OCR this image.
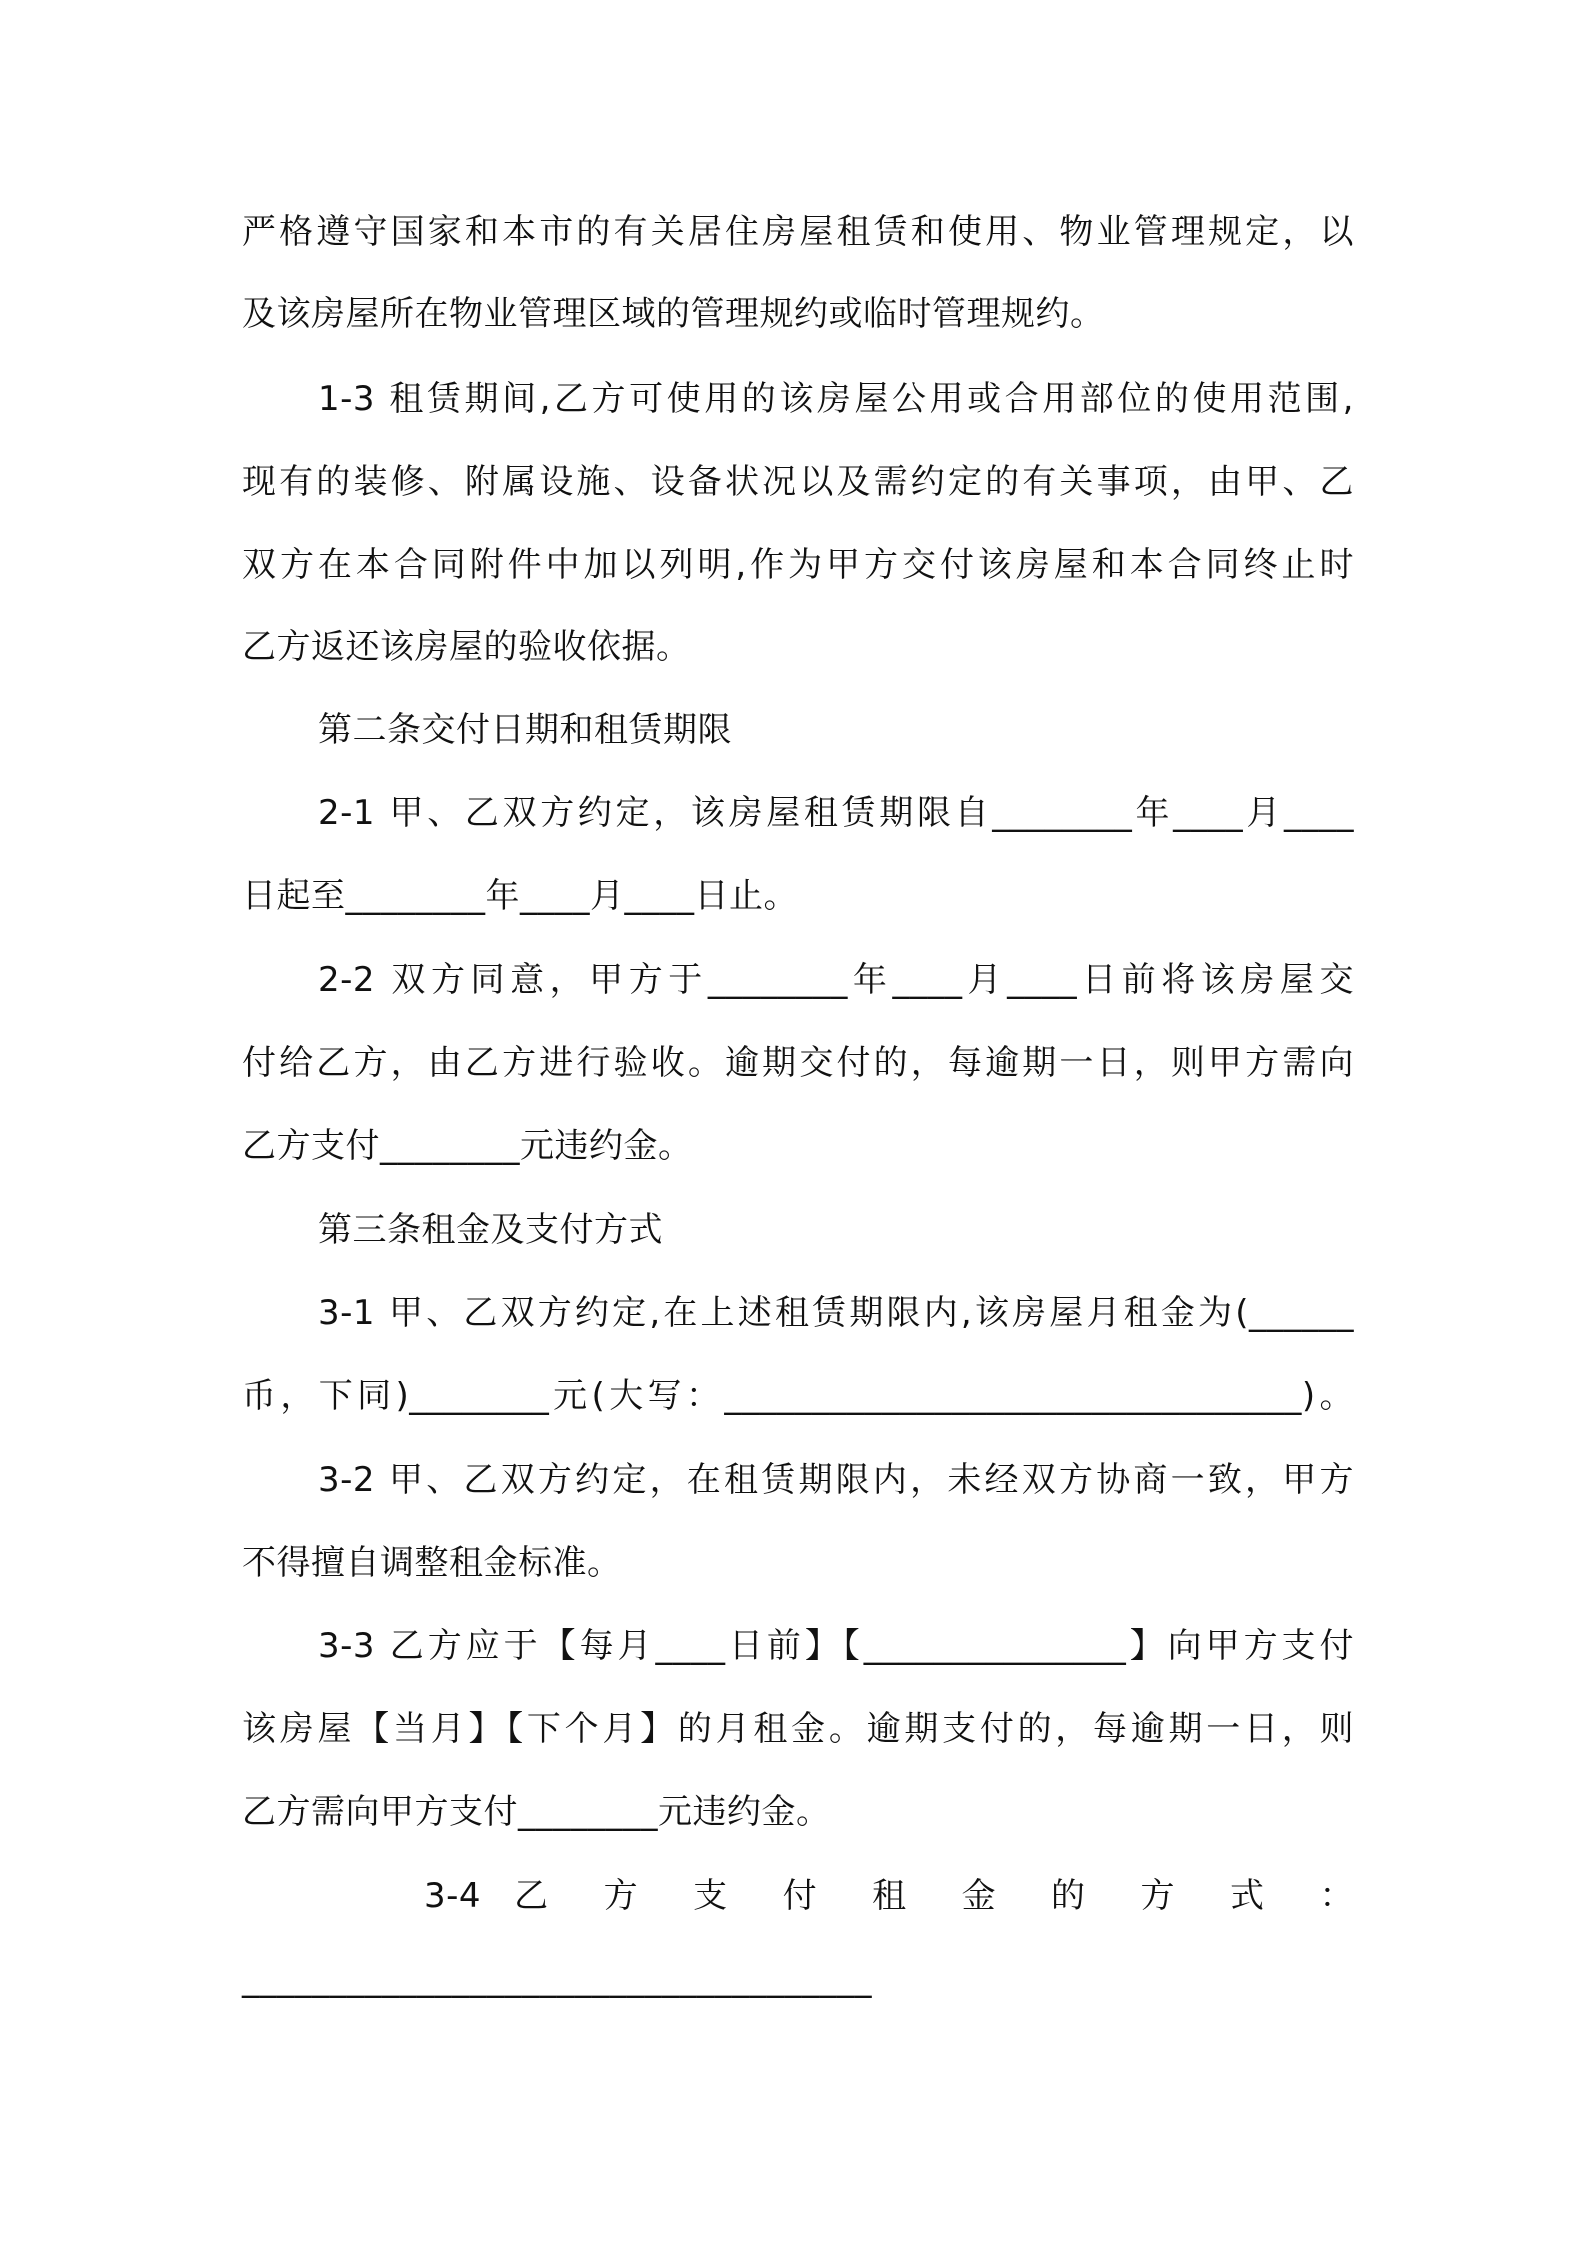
严格遵守国家和本市的有关居住房屋租赁和使用、物业管理规定，以
及该房屋所在物业管理区域的管理规约或临时管理规约。
1-3 租赁期间,乙方可使用的该房屋公用或合用部位的使用范围,
现有的装修、附属设施、设备状况以及需约定的有关事项，由甲、乙
双方在本合同附件中加以列明,作为甲方交付该房屋和本合同终止时
乙方返还该房屋的验收依据。
第二条交付日期和租赁期限
2-1 甲、乙双方约定，该房屋租赁期限自________年____月____
日起至________年____月____日止。
2-2 双方同意，甲方于________年____月____日前将该房屋交
付给乙方，由乙方进行验收。逾期交付的，每逾期一日，则甲方需向
乙方支付________元违约金。
第三条租金及支付方式
3-1 甲、乙双方约定,在上述租赁期限内,该房屋月租金为(______
币，下同)________元(大写：_________________________________)。
3-2 甲、乙双方约定，在租赁期限内，未经双方协商一致，甲方
不得擅自调整租金标准。
3-3 乙方应于【每月____日前】【_______________】向甲方支付
该房屋【当月】【下个月】的月租金。逾期支付的，每逾期一日，则
乙方需向甲方支付________元违约金。
3-4 乙 方 支 付 租 金 的 方 式 ：
____________________________________
